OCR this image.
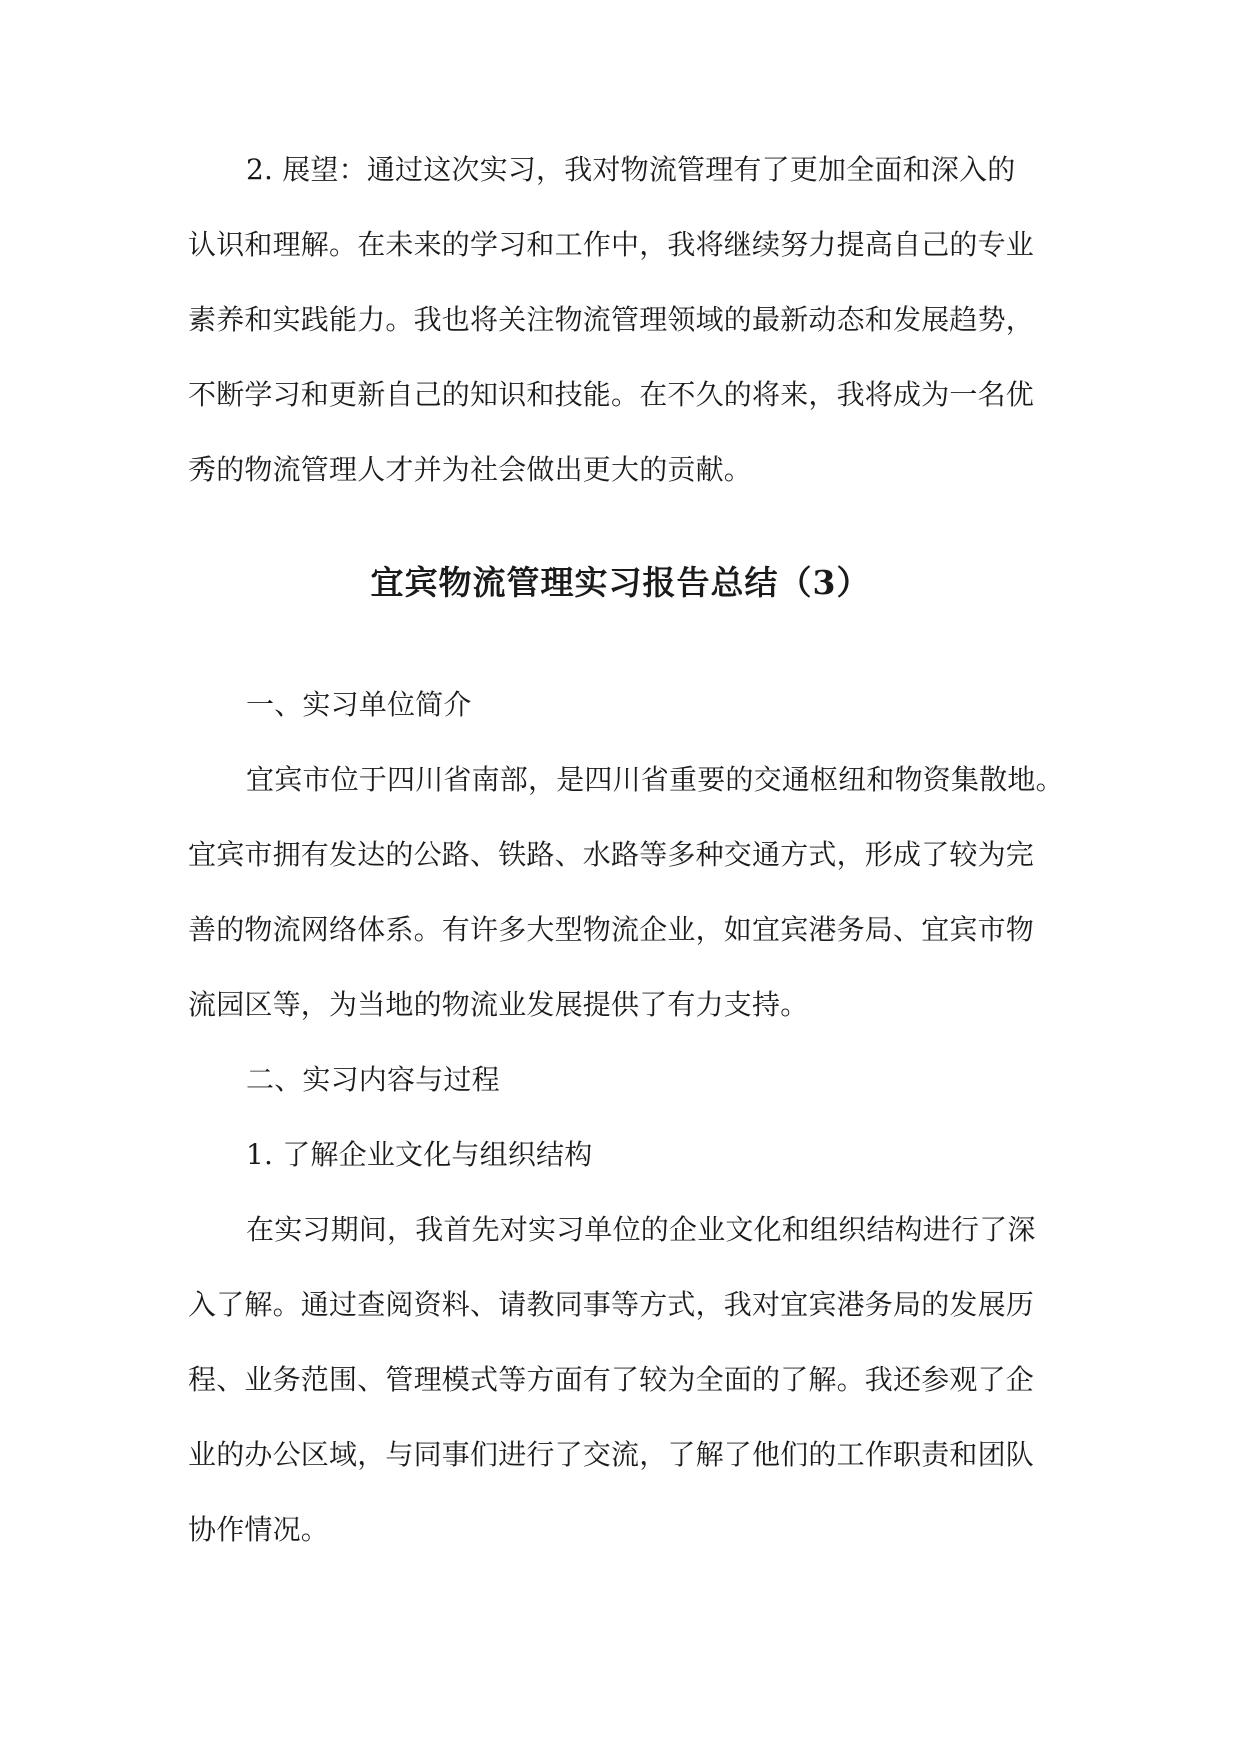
2. 展望：通过这次实习，我对物流管理有了更加全面和深入的
认识和理解。在未来的学习和工作中，我将继续努力提高自己的专业
素养和实践能力。我也将关注物流管理领域的最新动态和发展趋势，
不断学习和更新自己的知识和技能。在不久的将来，我将成为一名优
秀的物流管理人才并为社会做出更大的贡献。
宜宾物流管理实习报告总结（3）
一、实习单位简介
宜宾市位于四川省南部，是四川省重要的交通枢纽和物资集散地。
宜宾市拥有发达的公路、铁路、水路等多种交通方式，形成了较为完
善的物流网络体系。有许多大型物流企业，如宜宾港务局、宜宾市物
流园区等，为当地的物流业发展提供了有力支持。
二、实习内容与过程
1. 了解企业文化与组织结构
在实习期间，我首先对实习单位的企业文化和组织结构进行了深
入了解。通过查阅资料、请教同事等方式，我对宜宾港务局的发展历
程、业务范围、管理模式等方面有了较为全面的了解。我还参观了企
业的办公区域，与同事们进行了交流，了解了他们的工作职责和团队
协作情况。
